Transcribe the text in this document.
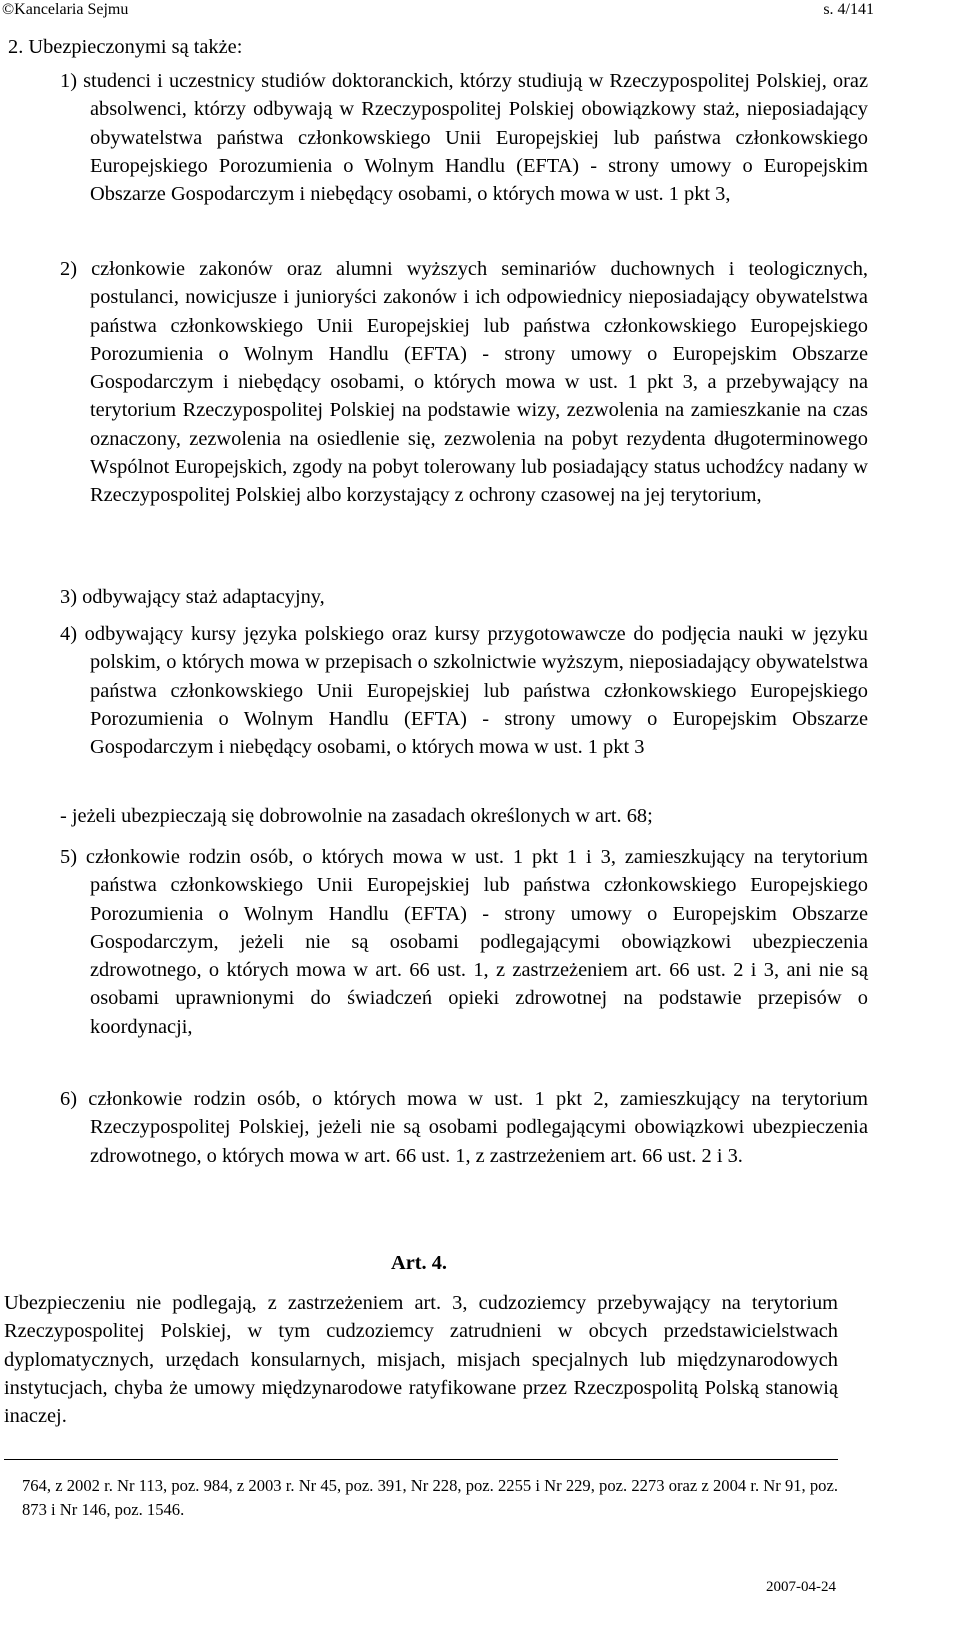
©Kancelaria Sejmu	s. 4/141
2. Ubezpieczonymi są także:
1) studenci i uczestnicy studiów doktoranckich, którzy studiują w Rzeczypospolitej Polskiej, oraz absolwenci, którzy odbywają w Rzeczypospolitej Polskiej obowiązkowy staż, nieposiadający obywatelstwa państwa członkowskiego Unii Europejskiej lub państwa członkowskiego Europejskiego Porozumienia o Wolnym Handlu (EFTA) - strony umowy o Europejskim Obszarze Gospodarczym i niebędący osobami, o których mowa w ust. 1 pkt 3,
2) członkowie zakonów oraz alumni wyższych seminariów duchownych i teologicznych, postulanci, nowicjusze i junioryści zakonów i ich odpowiednicy nieposiadający obywatelstwa państwa członkowskiego Unii Europejskiej lub państwa członkowskiego Europejskiego Porozumienia o Wolnym Handlu (EFTA) - strony umowy o Europejskim Obszarze Gospodarczym i niebędący osobami, o których mowa w ust. 1 pkt 3, a przebywający na terytorium Rzeczypospolitej Polskiej na podstawie wizy, zezwolenia na zamieszkanie na czas oznaczony, zezwolenia na osiedlenie się, zezwolenia na pobyt rezydenta długoterminowego Wspólnot Europejskich, zgody na pobyt tolerowany lub posiadający status uchodźcy nadany w Rzeczypospolitej Polskiej albo korzystający z ochrony czasowej na jej terytorium,
3) odbywający staż adaptacyjny,
4) odbywający kursy języka polskiego oraz kursy przygotowawcze do podjęcia nauki w języku polskim, o których mowa w przepisach o szkolnictwie wyższym, nieposiadający obywatelstwa państwa członkowskiego Unii Europejskiej lub państwa członkowskiego Europejskiego Porozumienia o Wolnym Handlu (EFTA) - strony umowy o Europejskim Obszarze Gospodarczym i niebędący osobami, o których mowa w ust. 1 pkt 3
- jeżeli ubezpieczają się dobrowolnie na zasadach określonych w art. 68;
5) członkowie rodzin osób, o których mowa w ust. 1 pkt 1 i 3, zamieszkujący na terytorium państwa członkowskiego Unii Europejskiej lub państwa członkowskiego Europejskiego Porozumienia o Wolnym Handlu (EFTA) - strony umowy o Europejskim Obszarze Gospodarczym, jeżeli nie są osobami podlegającymi obowiązkowi ubezpieczenia zdrowotnego, o których mowa w art. 66 ust. 1, z zastrzeżeniem art. 66 ust. 2 i 3, ani nie są osobami uprawnionymi do świadczeń opieki zdrowotnej na podstawie przepisów o koordynacji,
6) członkowie rodzin osób, o których mowa w ust. 1 pkt 2, zamieszkujący na terytorium Rzeczypospolitej Polskiej, jeżeli nie są osobami podlegającymi obowiązkowi ubezpieczenia zdrowotnego, o których mowa w art. 66 ust. 1, z zastrzeżeniem art. 66 ust. 2 i 3.
Art. 4.
Ubezpieczeniu nie podlegają, z zastrzeżeniem art. 3, cudzoziemcy przebywający na terytorium Rzeczypospolitej Polskiej, w tym cudzoziemcy zatrudnieni w obcych przedstawicielstwach dyplomatycznych, urzędach konsularnych, misjach, misjach specjalnych lub międzynarodowych instytucjach, chyba że umowy międzynarodowe ratyfikowane przez Rzeczpospolitą Polską stanowią inaczej.
764, z 2002 r. Nr 113, poz. 984, z 2003 r. Nr 45, poz. 391, Nr 228, poz. 2255 i Nr 229, poz. 2273 oraz z 2004 r. Nr 91, poz. 873 i Nr 146, poz. 1546.
2007-04-24
